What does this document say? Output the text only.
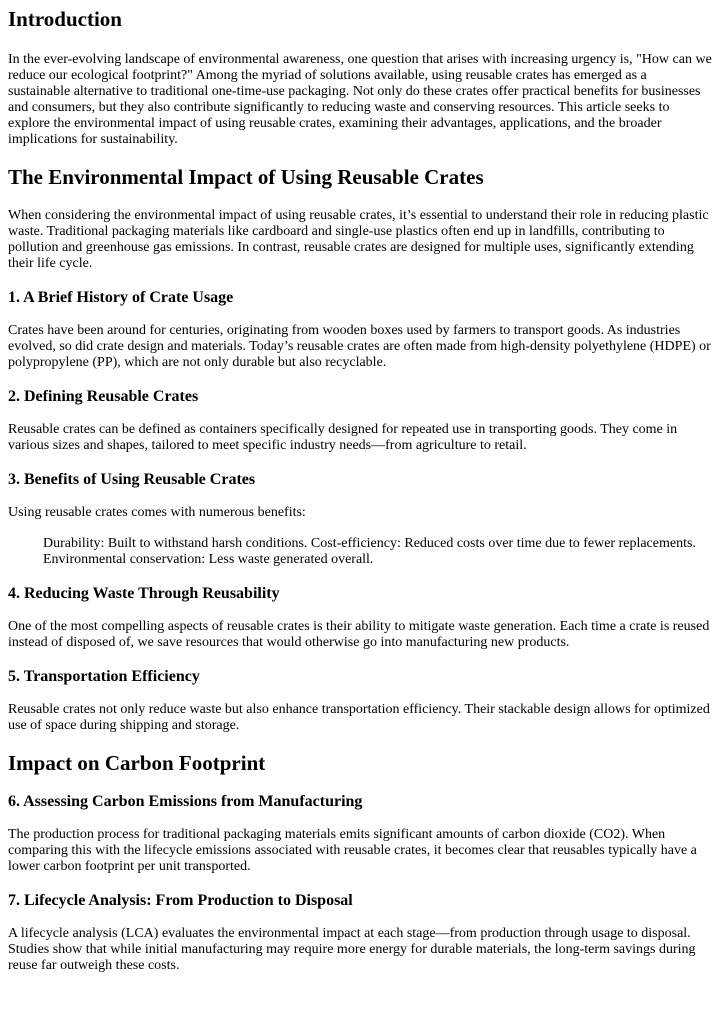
Introduction

In the ever-evolving landscape of environmental awareness, one question that arises with increasing urgency is, "How can we reduce our ecological footprint?" Among the myriad of solutions available, using reusable crates has emerged as a sustainable alternative to traditional one-time-use packaging. Not only do these crates offer practical benefits for businesses and consumers, but they also contribute significantly to reducing waste and conserving resources. This article seeks to explore the environmental impact of using reusable crates, examining their advantages, applications, and the broader implications for sustainability.

The Environmental Impact of Using Reusable Crates

When considering the environmental impact of using reusable crates, it’s essential to understand their role in reducing plastic waste. Traditional packaging materials like cardboard and single-use plastics often end up in landfills, contributing to pollution and greenhouse gas emissions. In contrast, reusable crates are designed for multiple uses, significantly extending their life cycle.

1. A Brief History of Crate Usage

Crates have been around for centuries, originating from wooden boxes used by farmers to transport goods. As industries evolved, so did crate design and materials. Today’s reusable crates are often made from high-density polyethylene (HDPE) or polypropylene (PP), which are not only durable but also recyclable.

2. Defining Reusable Crates

Reusable crates can be defined as containers specifically designed for repeated use in transporting goods. They come in various sizes and shapes, tailored to meet specific industry needs—from agriculture to retail.

3. Benefits of Using Reusable Crates

Using reusable crates comes with numerous benefits:

Durability: Built to withstand harsh conditions. Cost-efficiency: Reduced costs over time due to fewer replacements. Environmental conservation: Less waste generated overall.

4. Reducing Waste Through Reusability

One of the most compelling aspects of reusable crates is their ability to mitigate waste generation. Each time a crate is reused instead of disposed of, we save resources that would otherwise go into manufacturing new products.

5. Transportation Efficiency

Reusable crates not only reduce waste but also enhance transportation efficiency. Their stackable design allows for optimized use of space during shipping and storage.

Impact on Carbon Footprint
6. Assessing Carbon Emissions from Manufacturing

The production process for traditional packaging materials emits significant amounts of carbon dioxide (CO2). When comparing this with the lifecycle emissions associated with reusable crates, it becomes clear that reusables typically have a lower carbon footprint per unit transported.

7. Lifecycle Analysis: From Production to Disposal

A lifecycle analysis (LCA) evaluates the environmental impact at each stage—from production through usage to disposal. Studies show that while initial manufacturing may require more energy for durable materials, the long-term savings during reuse far outweigh these costs.
